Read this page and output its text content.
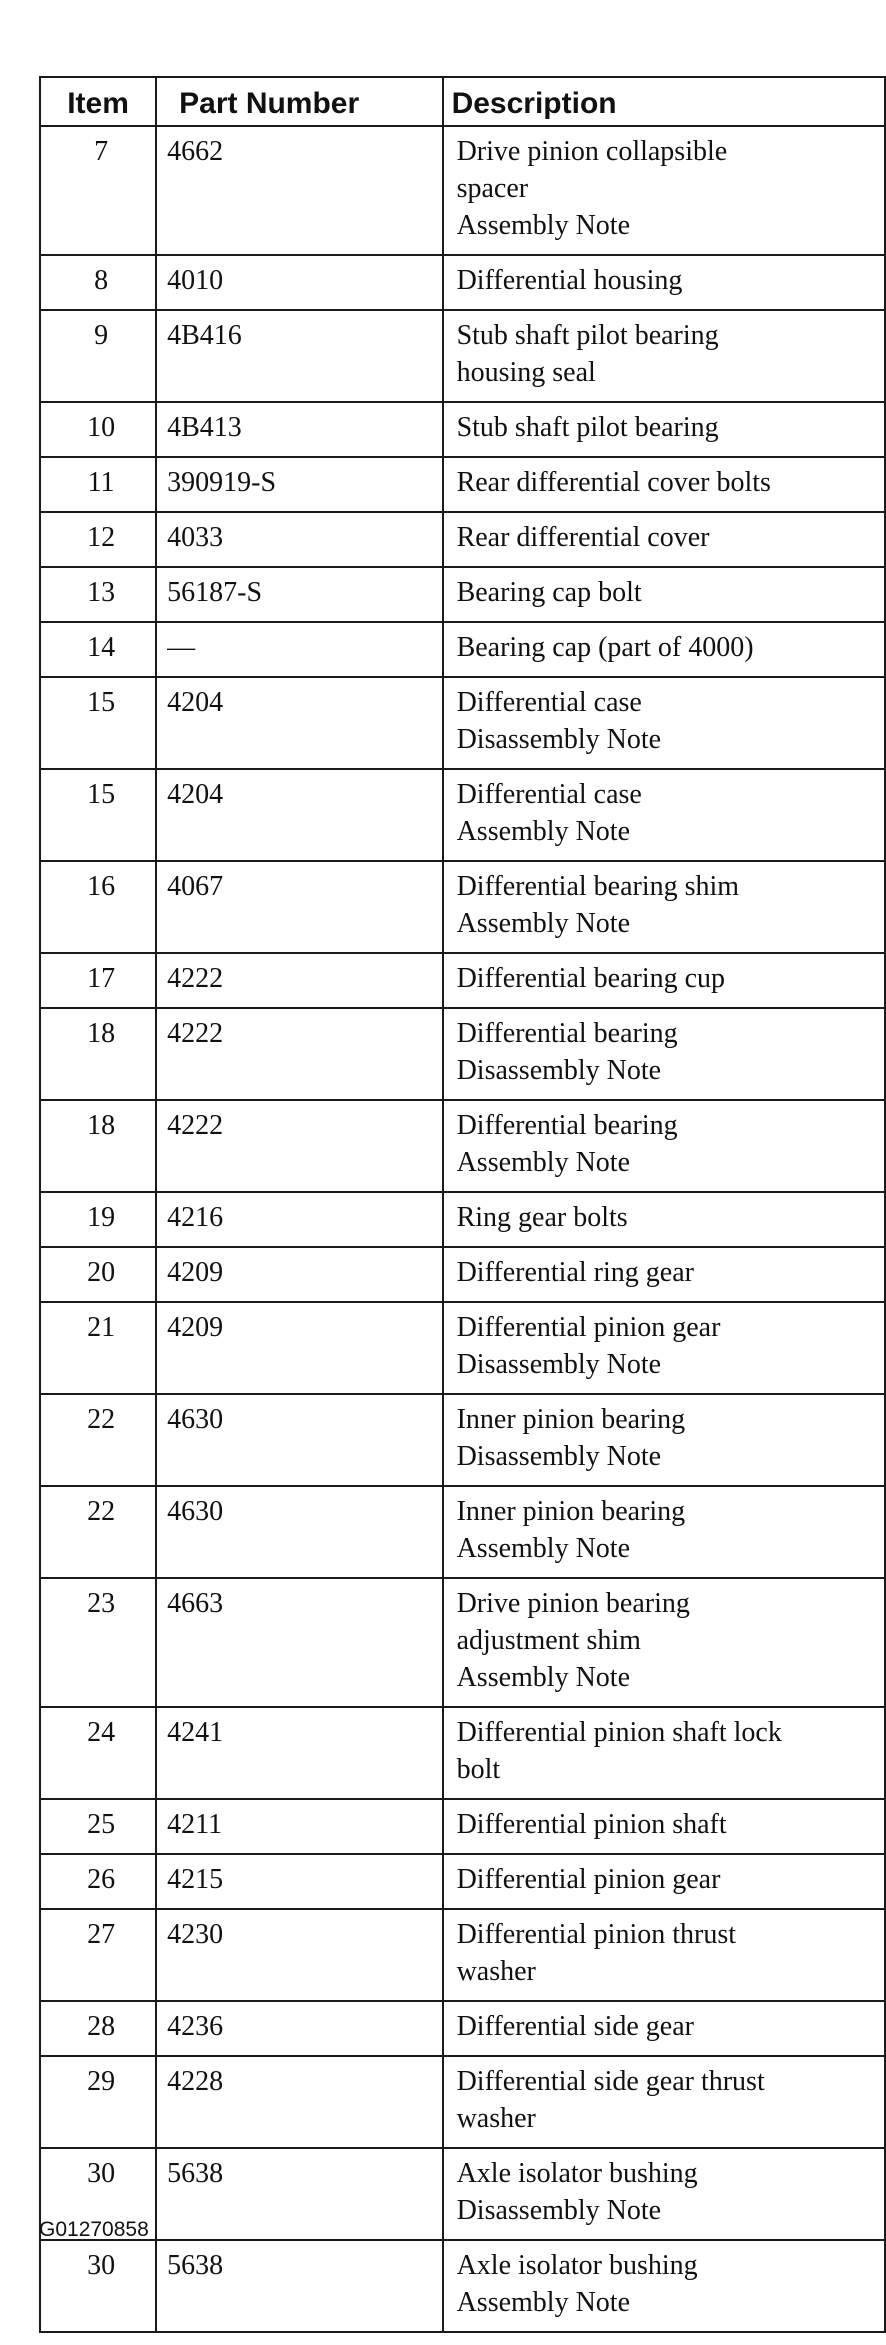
Item	Part Number	Description
7	4662	Drive pinion collapsible
spacer
Assembly Note

8	4010	Differential housing

9	4B416	Stub shaft pilot bearing
housing seal

10	4B413	Stub shaft pilot bearing

11	390919-S	Rear differential cover bolts

12	4033	Rear differential cover

13	56187-S	Bearing cap bolt

14	—	Bearing cap (part of 4000)

15	4204	Differential case
Disassembly Note

15	4204	Differential case
Assembly Note

16	4067	Differential bearing shim
Assembly Note

17	4222	Differential bearing cup

18	4222	Differential bearing
Disassembly Note

18	4222	Differential bearing
Assembly Note

19	4216	Ring gear bolts

20	4209	Differential ring gear

21	4209	Differential pinion gear
Disassembly Note

22	4630	Inner pinion bearing
Disassembly Note

22	4630	Inner pinion bearing
Assembly Note

23	4663	Drive pinion bearing
adjustment shim
Assembly Note

24	4241	Differential pinion shaft lock
bolt

25	4211	Differential pinion shaft

26	4215	Differential pinion gear

27	4230	Differential pinion thrust
washer

28	4236	Differential side gear

29	4228	Differential side gear thrust
washer

30	5638	Axle isolator bushing
Disassembly Note

30	5638	Axle isolator bushing
Assembly Note
G01270858
